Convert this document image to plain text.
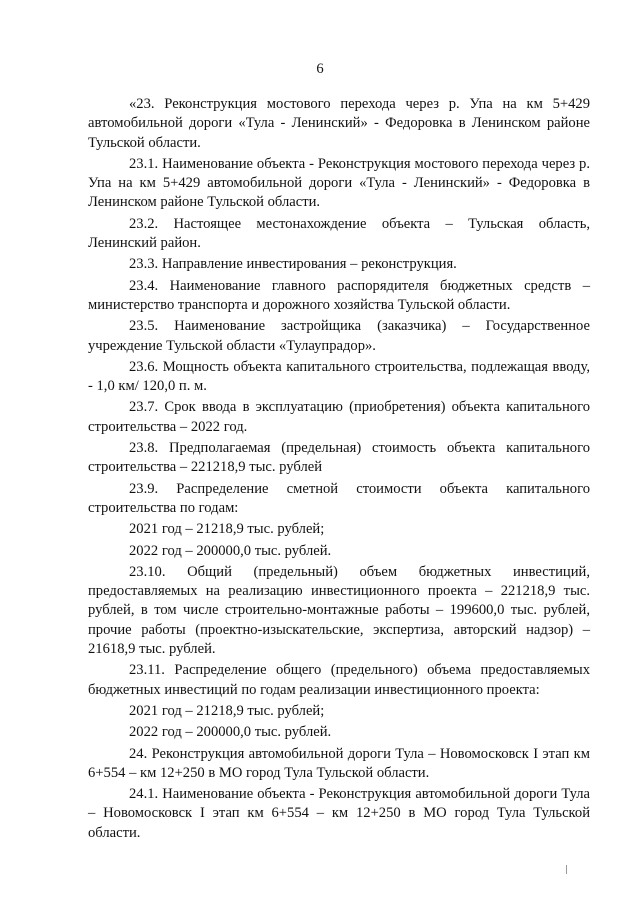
6

«23. Реконструкция мостового перехода через р. Упа на км 5+429 автомобильной дороги «Тула - Ленинский» - Федоровка в Ленинском районе Тульской области.

23.1. Наименование объекта - Реконструкция мостового перехода через р. Упа на км 5+429 автомобильной дороги «Тула - Ленинский» - Федоровка в Ленинском районе Тульской области.

23.2. Настоящее местонахождение объекта – Тульская область, Ленинский район.

23.3. Направление инвестирования – реконструкция.

23.4. Наименование главного распорядителя бюджетных средств – министерство транспорта и дорожного хозяйства Тульской области.

23.5. Наименование застройщика (заказчика) – Государственное учреждение Тульской области «Тулаупрадор».

23.6. Мощность объекта капитального строительства, подлежащая вводу, - 1,0 км/ 120,0 п. м.

23.7. Срок ввода в эксплуатацию (приобретения) объекта капитального строительства – 2022 год.

23.8. Предполагаемая (предельная) стоимость объекта капитального строительства – 221218,9 тыс. рублей

23.9. Распределение сметной стоимости объекта капитального строительства по годам:

2021 год – 21218,9 тыс. рублей;

2022 год – 200000,0 тыс. рублей.

23.10. Общий (предельный) объем бюджетных инвестиций, предоставляемых на реализацию инвестиционного проекта – 221218,9 тыс. рублей, в том числе строительно-монтажные работы – 199600,0 тыс. рублей, прочие работы (проектно-изыскательские, экспертиза, авторский надзор) – 21618,9 тыс. рублей.

23.11. Распределение общего (предельного) объема предоставляемых бюджетных инвестиций по годам реализации инвестиционного проекта:

2021 год – 21218,9 тыс. рублей;

2022 год – 200000,0 тыс. рублей.

24. Реконструкция автомобильной дороги Тула – Новомосковск I этап км 6+554 – км 12+250 в МО город Тула Тульской области.

24.1. Наименование объекта - Реконструкция автомобильной дороги Тула – Новомосковск I этап км 6+554 – км 12+250 в МО город Тула Тульской области.
